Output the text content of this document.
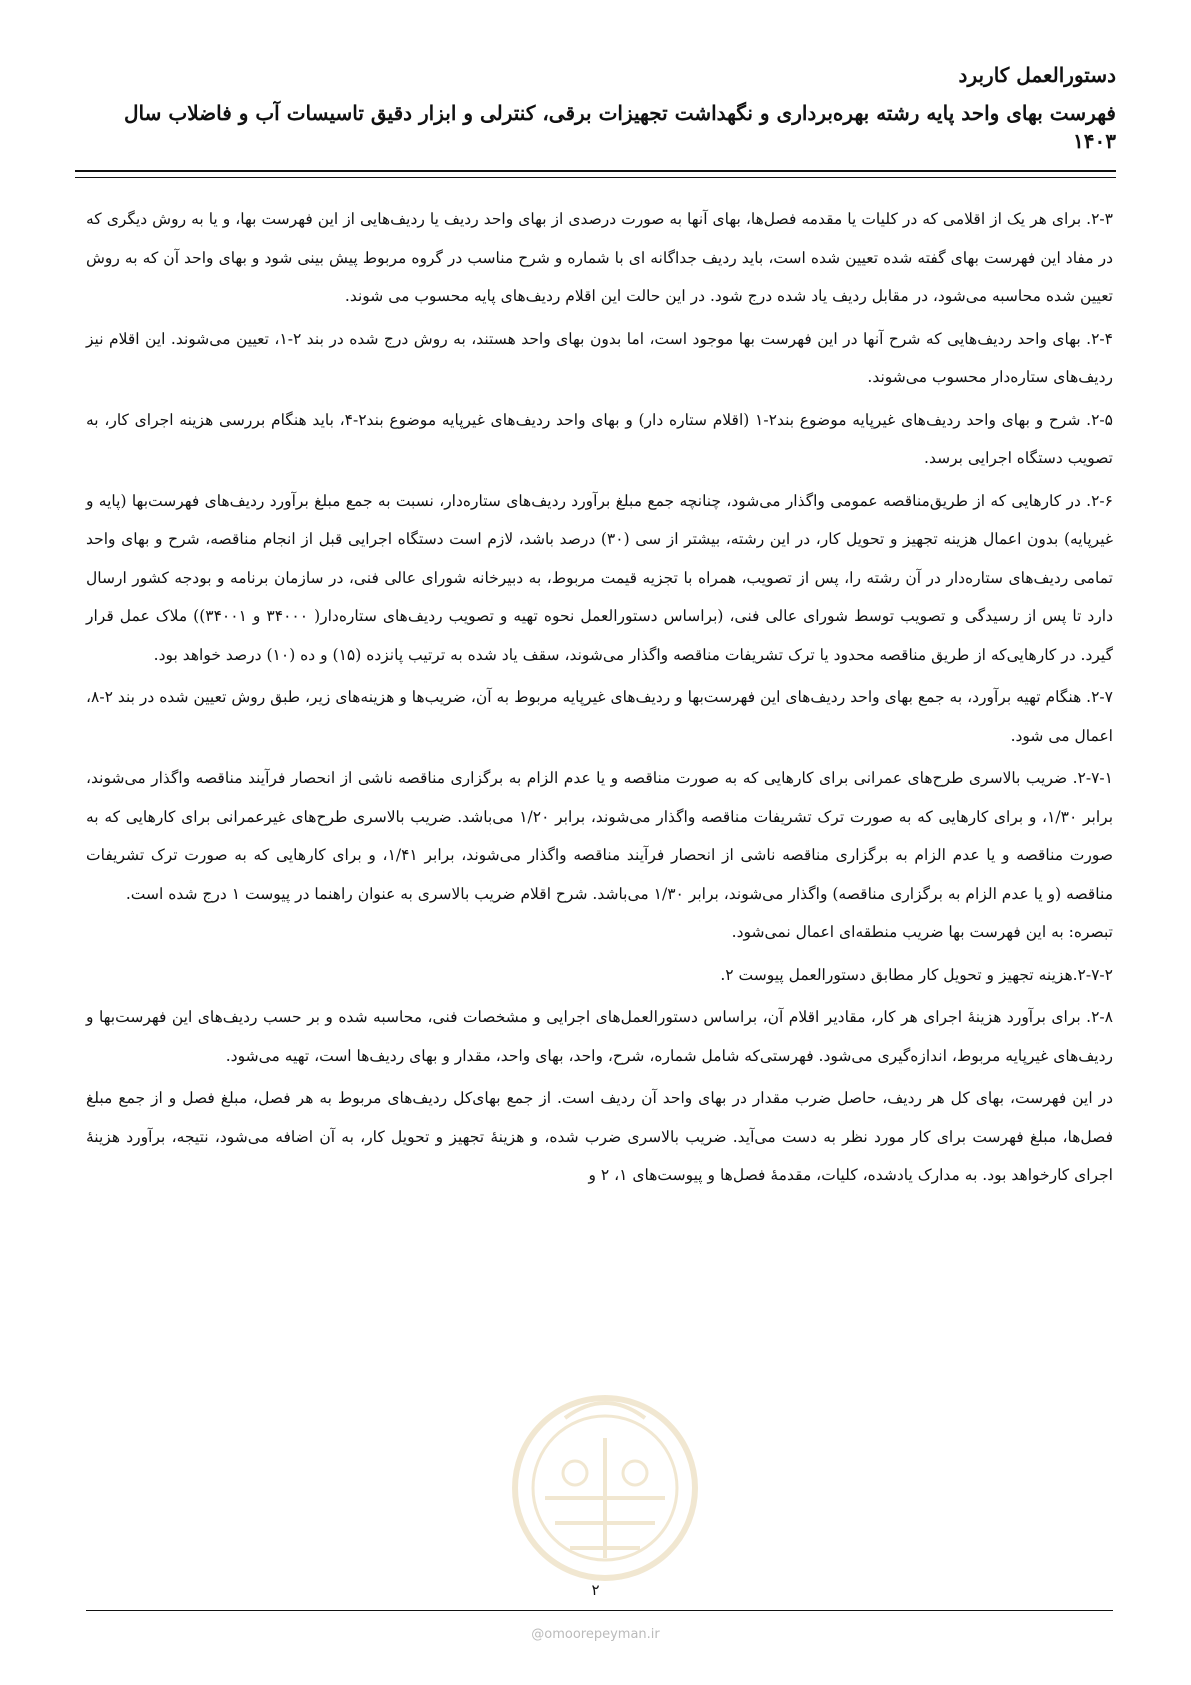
دستورالعمل کاربرد

فهرست بهای واحد پایه رشته بهره‌برداری و نگهداشت تجهیزات برقی، کنترلی و ابزار دقیق تاسیسات آب و فاضلاب سال

۱۴۰۳

۲-۳. برای هر یک از اقلامی که در کلیات یا مقدمه فصل‌ها، بهای آنها به صورت درصدی از بهای واحد ردیف یا ردیف‌هایی از این فهرست بها، و یا به روش دیگری که در مفاد این فهرست بهای گفته شده تعیین شده است، باید ردیف جداگانه ای با شماره و شرح مناسب در گروه مربوط پیش بینی شود و بهای واحد آن که به روش تعیین شده محاسبه می‌شود، در مقابل ردیف یاد شده درج شود. در این حالت این اقلام ردیف‌های پایه محسوب می شوند.

۲-۴. بهای واحد ردیف‌هایی که شرح آنها در این فهرست بها موجود است، اما بدون بهای واحد هستند، به روش درج شده در بند ۲-۱، تعیین می‌شوند. این اقلام نیز ردیف‌های ستاره‌دار محسوب می‌شوند.

۲-۵. شرح و بهای واحد ردیف‌های غیرپایه موضوع بند۲-۱ (اقلام ستاره دار) و بهای واحد ردیف‌های غیرپایه موضوع بند۲-۴، باید هنگام بررسی هزینه اجرای کار، به تصویب دستگاه اجرایی برسد.

۲-۶. در کارهایی که از طریق‌مناقصه عمومی واگذار می‌شود، چنانچه جمع مبلغ برآورد ردیف‌های ستاره‌دار، نسبت به جمع مبلغ برآورد ردیف‌های فهرست‌بها (پایه و غیرپایه) بدون اعمال هزینه تجهیز و تحویل کار، در این رشته، بیشتر از سی (۳۰) درصد باشد، لازم است دستگاه اجرایی قبل از انجام مناقصه، شرح و بهای واحد تمامی ردیف‌های ستاره‌دار در آن رشته را، پس از تصویب، همراه با تجزیه قیمت مربوط، به دبیرخانه شورای عالی فنی، در سازمان برنامه و بودجه کشور ارسال دارد تا پس از رسیدگی و تصویب توسط شورای عالی فنی، (براساس دستورالعمل نحوه تهیه و تصویب ردیف‌های ستاره‌دار( ۳۴۰۰۰ و ۳۴۰۰۱)) ملاک عمل قرار گیرد. در کارهایی‌که از طریق مناقصه محدود یا ترک تشریفات مناقصه واگذار می‌شوند، سقف یاد شده به ترتیب پانزده (۱۵) و ده (۱۰) درصد خواهد بود.

۲-۷. هنگام تهیه برآورد، به جمع بهای واحد ردیف‌های این فهرست‌بها و ردیف‌های غیرپایه مربوط به آن، ضریب‌ها و هزینه‌های زیر، طبق روش تعیین شده در بند ۲-۸، اعمال می شود.

۲-۷-۱. ضریب بالاسری طرح‌های عمرانی برای کارهایی که به صورت مناقصه و یا عدم الزام به برگزاری مناقصه ناشی از انحصار فرآیند مناقصه واگذار می‌شوند، برابر ۱/۳۰، و برای کارهایی که به صورت ترک تشریفات مناقصه واگذار می‌شوند، برابر ۱/۲۰ می‌باشد. ضریب بالاسری طرح‌های غیرعمرانی برای کارهایی که به صورت مناقصه و یا عدم الزام به برگزاری مناقصه ناشی از انحصار فرآیند مناقصه واگذار می‌شوند، برابر ۱/۴۱، و برای کارهایی که به صورت ترک تشریفات مناقصه (و یا عدم الزام به برگزاری مناقصه) واگذار می‌شوند، برابر ۱/۳۰ می‌باشد. شرح اقلام ضریب بالاسری به عنوان راهنما در پیوست ۱ درج شده است.

تبصره: به این فهرست بها ضریب منطقه‌ای اعمال نمی‌شود.

۲-۷-۲.هزینه تجهیز و تحویل کار مطابق دستورالعمل پیوست ۲.

۲-۸. برای برآورد هزینهٔ اجرای هر کار، مقادیر اقلام آن، براساس دستورالعمل‌های اجرایی و مشخصات فنی، محاسبه شده و بر حسب ردیف‌های این فهرست‌بها و ردیف‌های غیرپایه مربوط، اندازه‌گیری می‌شود. فهرستی‌که شامل شماره، شرح، واحد، بهای واحد، مقدار و بهای ردیف‌ها است، تهیه می‌شود.

در این فهرست، بهای کل هر ردیف، حاصل ضرب مقدار در بهای واحد آن ردیف است. از جمع بهای‌کل ردیف‌های مربوط به هر فصل، مبلغ فصل و از جمع مبلغ فصل‌ها، مبلغ فهرست برای کار مورد نظر به دست می‌آید. ضریب بالاسری ضرب شده، و هزینهٔ تجهیز و تحویل کار، به آن اضافه می‌شود، نتیجه، برآورد هزینهٔ اجرای کارخواهد بود. به مدارک یادشده، کلیات، مقدمهٔ فصل‌ها و پیوست‌های ۱، ۲ و

۲
@omoorepeyman.ir
